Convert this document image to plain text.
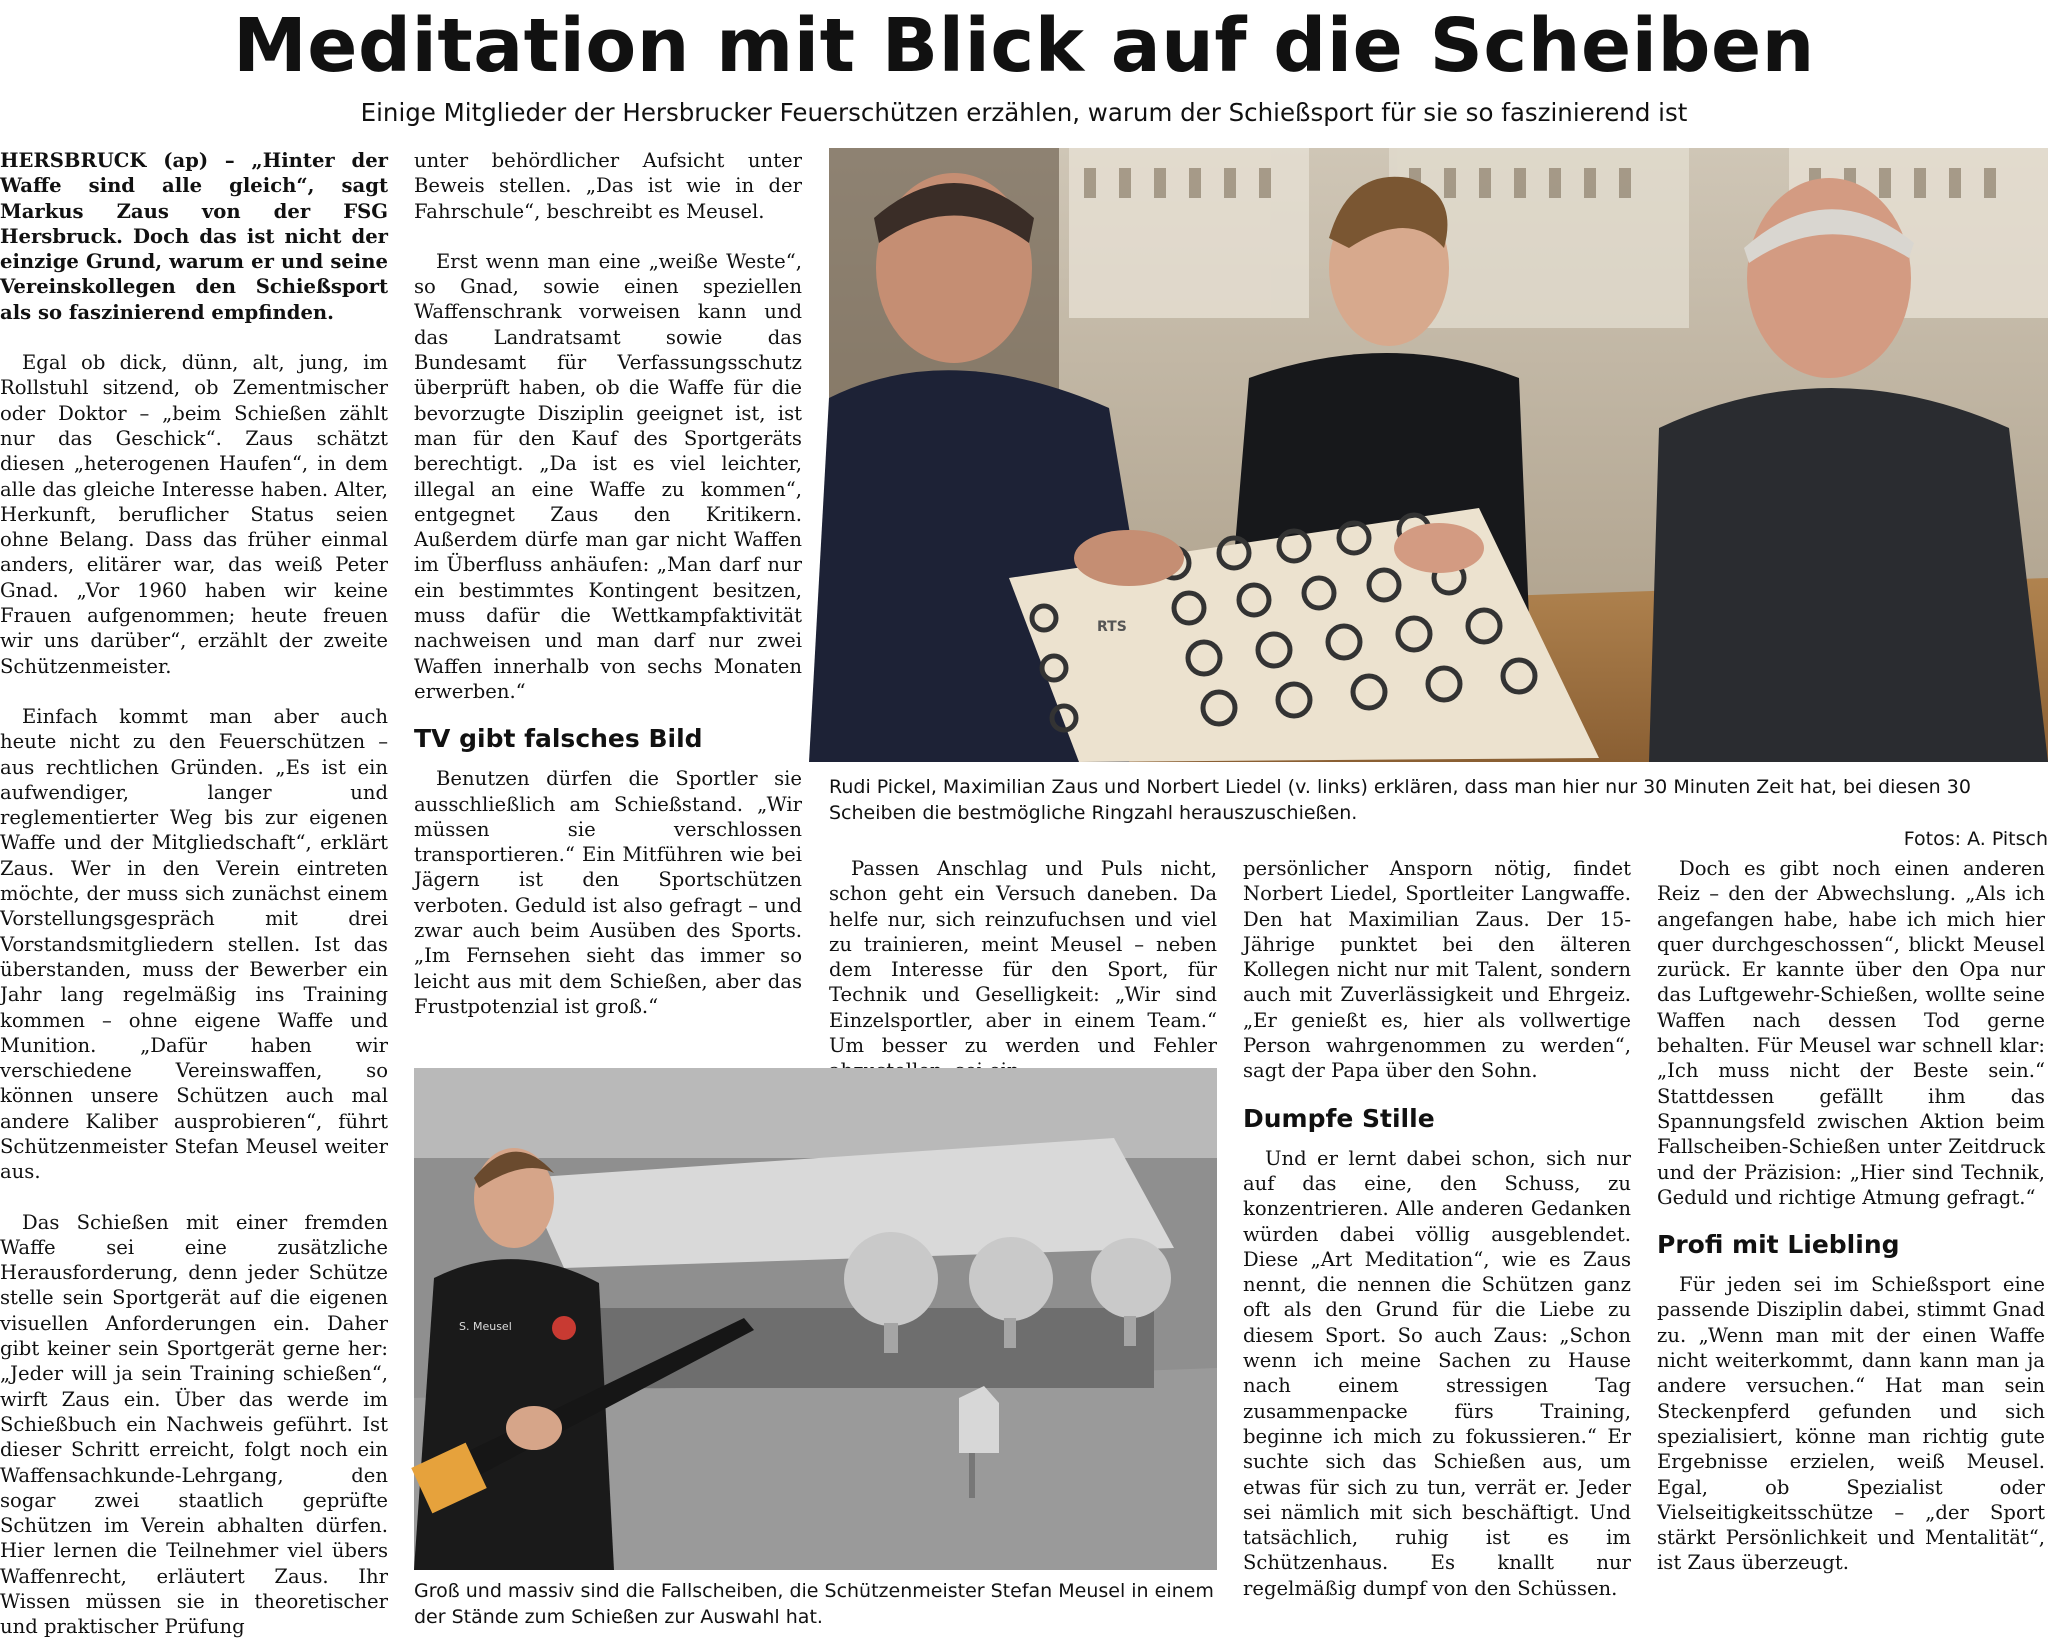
Meditation mit Blick auf die Scheiben

Einige Mitglieder der Hersbrucker Feuerschützen erzählen, warum der Schießsport für sie so faszinierend ist

HERSBRUCK (ap) – „Hinter der Waffe sind alle gleich“, sagt Markus Zaus von der FSG Hersbruck. Doch das ist nicht der einzige Grund, warum er und seine Vereinskollegen den Schießsport als so faszinierend empfinden.

Egal ob dick, dünn, alt, jung, im Rollstuhl sitzend, ob Zementmischer oder Doktor – „beim Schießen zählt nur das Geschick“. Zaus schätzt diesen „heterogenen Haufen“, in dem alle das gleiche Interesse haben. Alter, Herkunft, beruflicher Status seien ohne Belang. Dass das früher einmal anders, elitärer war, das weiß Peter Gnad. „Vor 1960 haben wir keine Frauen aufgenommen; heute freuen wir uns darüber“, erzählt der zweite Schützenmeister.

Einfach kommt man aber auch heute nicht zu den Feuerschützen – aus rechtlichen Gründen. „Es ist ein aufwendiger, langer und reglementierter Weg bis zur eigenen Waffe und der Mitgliedschaft“, erklärt Zaus. Wer in den Verein eintreten möchte, der muss sich zunächst einem Vorstellungsgespräch mit drei Vorstandsmitgliedern stellen. Ist das überstanden, muss der Bewerber ein Jahr lang regelmäßig ins Training kommen – ohne eigene Waffe und Munition. „Dafür haben wir verschiedene Vereinswaffen, so können unsere Schützen auch mal andere Kaliber ausprobieren“, führt Schützenmeister Stefan Meusel weiter aus.

Das Schießen mit einer fremden Waffe sei eine zusätzliche Herausforderung, denn jeder Schütze stelle sein Sportgerät auf die eigenen visuellen Anforderungen ein. Daher gibt keiner sein Sportgerät gerne her: „Jeder will ja sein Training schießen“, wirft Zaus ein. Über das werde im Schießbuch ein Nachweis geführt. Ist dieser Schritt erreicht, folgt noch ein Waffensachkunde-Lehrgang, den sogar zwei staatlich geprüfte Schützen im Verein abhalten dürfen. Hier lernen die Teilnehmer viel übers Waffenrecht, erläutert Zaus. Ihr Wissen müssen sie in theoretischer und praktischer Prüfung

unter behördlicher Aufsicht unter Beweis stellen. „Das ist wie in der Fahrschule“, beschreibt es Meusel.

Erst wenn man eine „weiße Weste“, so Gnad, sowie einen speziellen Waffenschrank vorweisen kann und das Landratsamt sowie das Bundesamt für Verfassungsschutz überprüft haben, ob die Waffe für die bevorzugte Disziplin geeignet ist, ist man für den Kauf des Sportgeräts berechtigt. „Da ist es viel leichter, illegal an eine Waffe zu kommen“, entgegnet Zaus den Kritikern. Außerdem dürfe man gar nicht Waffen im Überfluss anhäufen: „Man darf nur ein bestimmtes Kontingent besitzen, muss dafür die Wettkampfaktivität nachweisen und man darf nur zwei Waffen innerhalb von sechs Monaten erwerben.“

TV gibt falsches Bild

Benutzen dürfen die Sportler sie ausschließlich am Schießstand. „Wir müssen sie verschlossen transportieren.“ Ein Mitführen wie bei Jägern ist den Sportschützen verboten. Geduld ist also gefragt – und zwar auch beim Ausüben des Sports. „Im Fernsehen sieht das immer so leicht aus mit dem Schießen, aber das Frustpotenzial ist groß.“

RTS
Rudi Pickel, Maximilian Zaus und Norbert Liedel (v. links) erklären, dass man hier nur 30 Minuten Zeit hat, bei diesen 30 Scheiben die bestmögliche Ringzahl herauszuschießen.
Fotos: A. Pitsch

Passen Anschlag und Puls nicht, schon geht ein Versuch daneben. Da helfe nur, sich reinzufuchsen und viel zu trainieren, meint Meusel – neben dem Interesse für den Sport, für Technik und Geselligkeit: „Wir sind Einzelsportler, aber in einem Team.“ Um besser zu werden und Fehler

S. Meusel
Groß und massiv sind die Fallscheiben, die Schützenmeister Stefan Meusel in einem der Stände zum Schießen zur Auswahl hat.

persönlicher Ansporn nötig, findet Norbert Liedel, Sportleiter Langwaffe. Den hat Maximilian Zaus. Der 15-Jährige punktet bei den älteren Kollegen nicht nur mit Talent, sondern auch mit Zuverlässigkeit und Ehrgeiz. „Er genießt es, hier als vollwertige Person wahrgenommen zu werden“, sagt der Papa über den Sohn.

Dumpfe Stille

Und er lernt dabei schon, sich nur auf das eine, den Schuss, zu konzentrieren. Alle anderen Gedanken würden dabei völlig ausgeblendet. Diese „Art Meditation“, wie es Zaus nennt, die nennen die Schützen ganz oft als den Grund für die Liebe zu diesem Sport. So auch Zaus: „Schon wenn ich meine Sachen zu Hause nach einem stressigen Tag zusammenpacke fürs Training, beginne ich mich zu fokussieren.“ Er suchte sich das Schießen aus, um etwas für sich zu tun, verrät er. Jeder sei nämlich mit sich beschäftigt. Und tatsächlich, ruhig ist es im Schützenhaus. Es knallt nur regelmäßig dumpf von den Schüssen.

Doch es gibt noch einen anderen Reiz – den der Abwechslung. „Als ich angefangen habe, habe ich mich hier quer durchgeschossen“, blickt Meusel zurück. Er kannte über den Opa nur das Luftgewehr-Schießen, wollte seine Waffen nach dessen Tod gerne behalten. Für Meusel war schnell klar: „Ich muss nicht der Beste sein.“ Stattdessen gefällt ihm das Spannungsfeld zwischen Aktion beim Fallscheiben-Schießen unter Zeitdruck und der Präzision: „Hier sind Technik, Geduld und richtige Atmung gefragt.“

Profi mit Liebling

Für jeden sei im Schießsport eine passende Disziplin dabei, stimmt Gnad zu. „Wenn man mit der einen Waffe nicht weiterkommt, dann kann man ja andere versuchen.“ Hat man sein Steckenpferd gefunden und sich spezialisiert, könne man richtig gute Ergebnisse erzielen, weiß Meusel. Egal, ob Spezialist oder Vielseitigkeitsschütze – „der Sport stärkt Persönlichkeit und Mentalität“, ist Zaus überzeugt.
